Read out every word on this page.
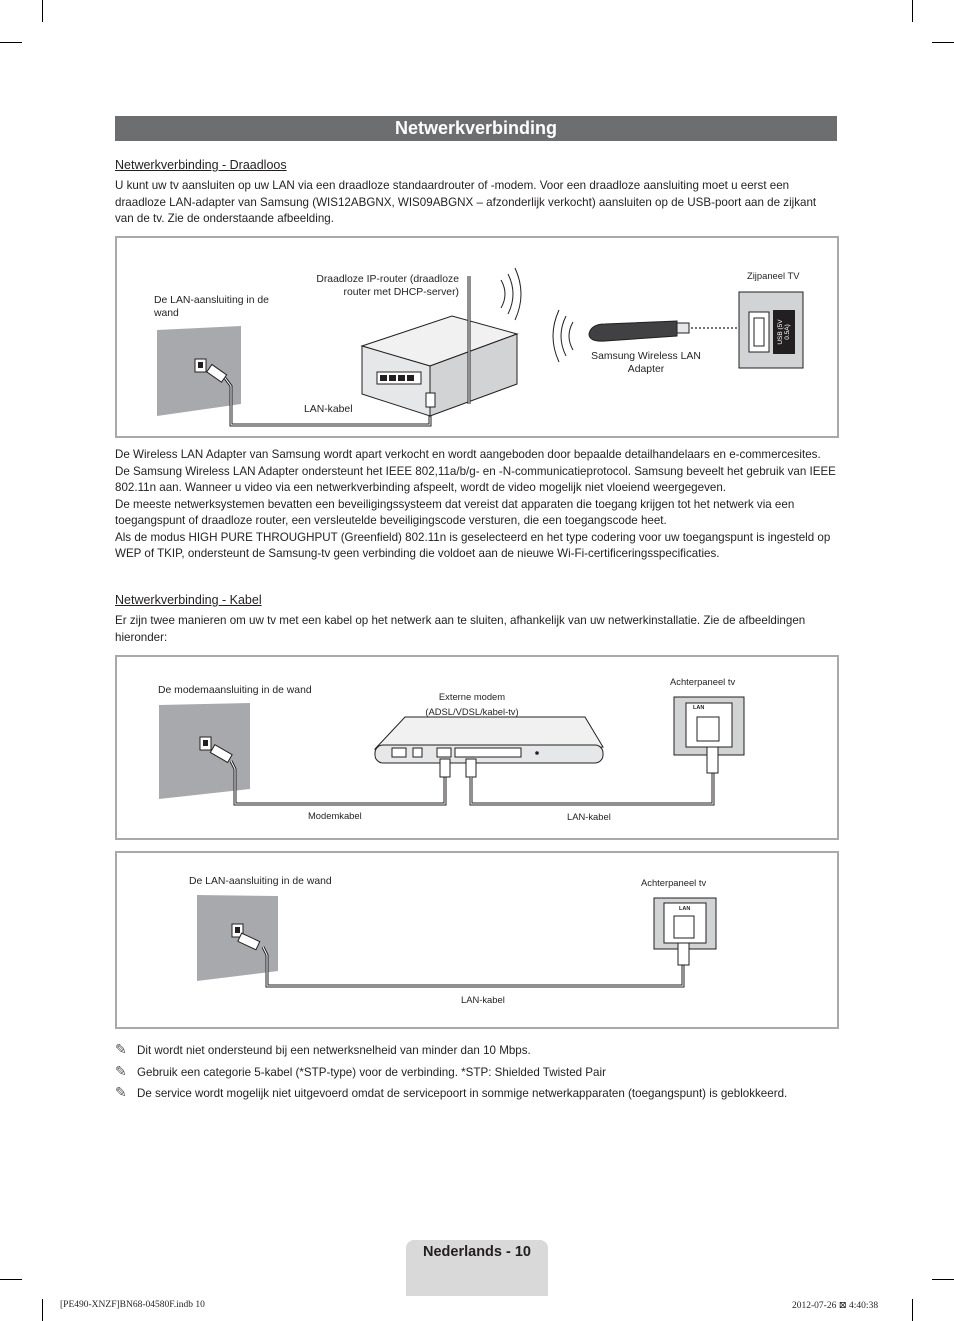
Netwerkverbinding
Netwerkverbinding - Draadloos
U kunt uw tv aansluiten op uw LAN via een draadloze standaardrouter of -modem. Voor een draadloze aansluiting moet u eerst een draadloze LAN-adapter van Samsung (WIS12ABGNX, WIS09ABGNX – afzonderlijk verkocht) aansluiten op de USB-poort aan de zijkant van de tv. Zie de onderstaande afbeelding.
De LAN-aansluiting in de wand
Draadloze IP-router (draadloze router met DHCP-server)
LAN-kabel
Samsung Wireless LAN Adapter
Zijpaneel TV
USB (5V 0.5A)

De Wireless LAN Adapter van Samsung wordt apart verkocht en wordt aangeboden door bepaalde detailhandelaars en e-commercesites. De Samsung Wireless LAN Adapter ondersteunt het IEEE 802,11a/b/g- en -N-communicatieprotocol. Samsung beveelt het gebruik van IEEE 802.11n aan. Wanneer u video via een netwerkverbinding afspeelt, wordt de video mogelijk niet vloeiend weergegeven.

De meeste netwerksystemen bevatten een beveiligingssysteem dat vereist dat apparaten die toegang krijgen tot het netwerk via een toegangspunt of draadloze router, een versleutelde beveiligingscode versturen, die een toegangscode heet.

Als de modus HIGH PURE THROUGHPUT (Greenfield) 802.11n is geselecteerd en het type codering voor uw toegangspunt is ingesteld op WEP of TKIP, ondersteunt de Samsung-tv geen verbinding die voldoet aan de nieuwe Wi-Fi-certificeringsspecificaties.

Netwerkverbinding - Kabel
Er zijn twee manieren om uw tv met een kabel op het netwerk aan te sluiten, afhankelijk van uw netwerkinstallatie. Zie de afbeeldingen hieronder:
De modemaansluiting in de wand
Externe modem (ADSL/VDSL/kabel-tv)
Modemkabel	LAN-kabel
Achterpaneel tv
LAN
De LAN-aansluiting in de wand
LAN-kabel
Achterpaneel tv
LAN
✎ Dit wordt niet ondersteund bij een netwerksnelheid van minder dan 10 Mbps.
✎ Gebruik een categorie 5-kabel (*STP-type) voor de verbinding. *STP: Shielded Twisted Pair
✎ De service wordt mogelijk niet uitgevoerd omdat de servicepoort in sommige netwerkapparaten (toegangspunt) is geblokkeerd.
Nederlands - 10
[PE490-XNZF]BN68-04580F.indb 10	2012-07-26 ⊠ 4:40:38
